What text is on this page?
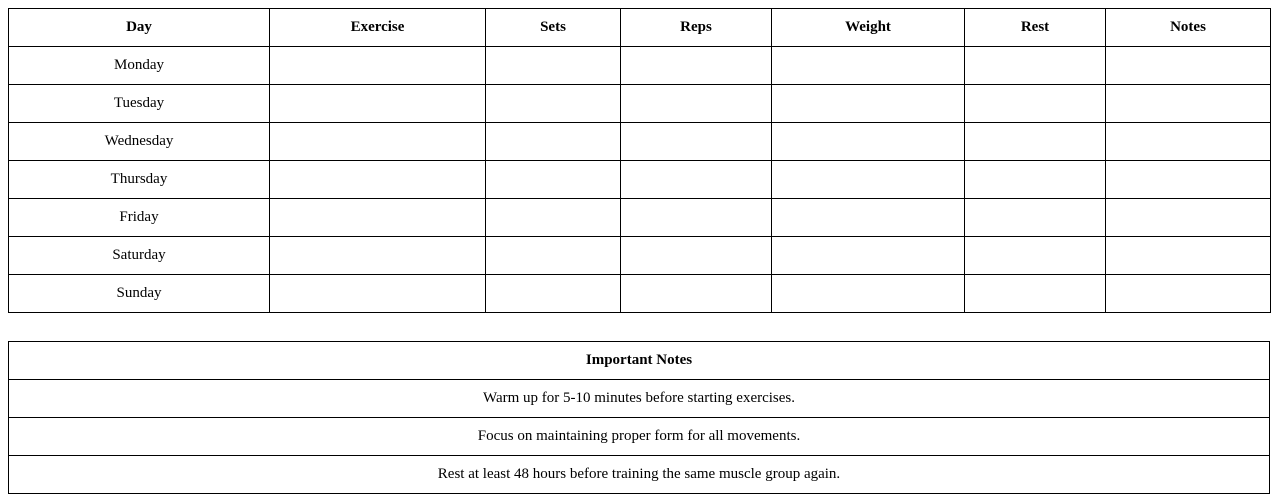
Day	Exercise	Sets	Reps	Weight	Rest	Notes
Monday						
Tuesday						
Wednesday						
Thursday						
Friday						
Saturday						
Sunday						
Important Notes
Warm up for 5-10 minutes before starting exercises.
Focus on maintaining proper form for all movements.
Rest at least 48 hours before training the same muscle group again.
